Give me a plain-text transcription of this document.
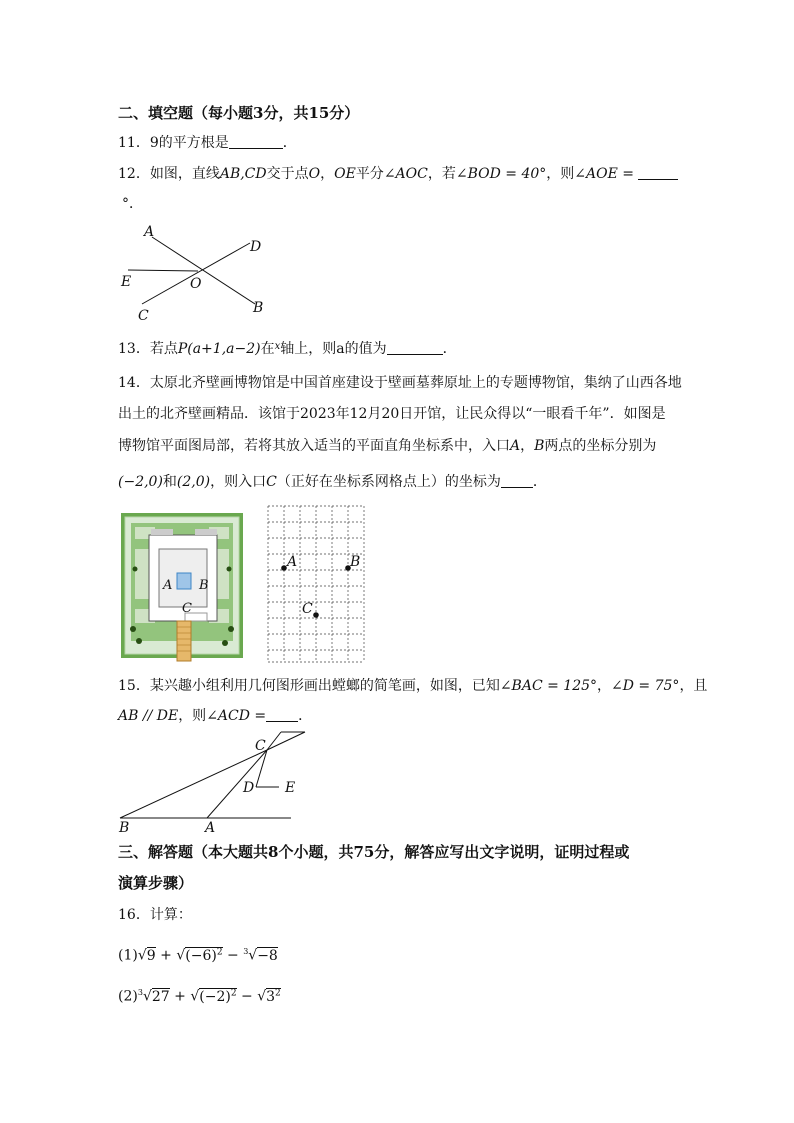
二、填空题（每小题3分，共15分）
11．9的平方根是	．
12．如图，直线AB,CD交于点O，OE平分∠AOC，若∠BOD = 40°，则∠AOE =
°．
A
D
E	O
B
C
13．若点P(a+1,a−2)在$^x$轴上，则a的值为	．
14．太原北齐壁画博物馆是中国首座建设于壁画墓葬原址上的专题博物馆，集纳了山西各地
出土的北齐壁画精品．该馆于2023年12月20日开馆，让民众得以“一眼看千年”．如图是
博物馆平面图局部，若将其放入适当的平面直角坐标系中，入口A，B两点的坐标分别为
(−2,0)和(2,0)，则入口C（正好在坐标系网格点上）的坐标为 ．
A B
C
A	B
C
15．某兴趣小组利用几何图形画出螳螂的简笔画，如图，已知∠BAC = 125°，∠D = 75°，且
AB // DE，则∠ACD = ．
C
D E
B	A
三、解答题（本大题共8个小题，共75分，解答应写出文字说明，证明过程或
演算步骤）
16．计算：
$(1)√9 + √(-6)^2 - ^3√-8$
$(2)^3√27 + √(-2)^2 - √3^2$
